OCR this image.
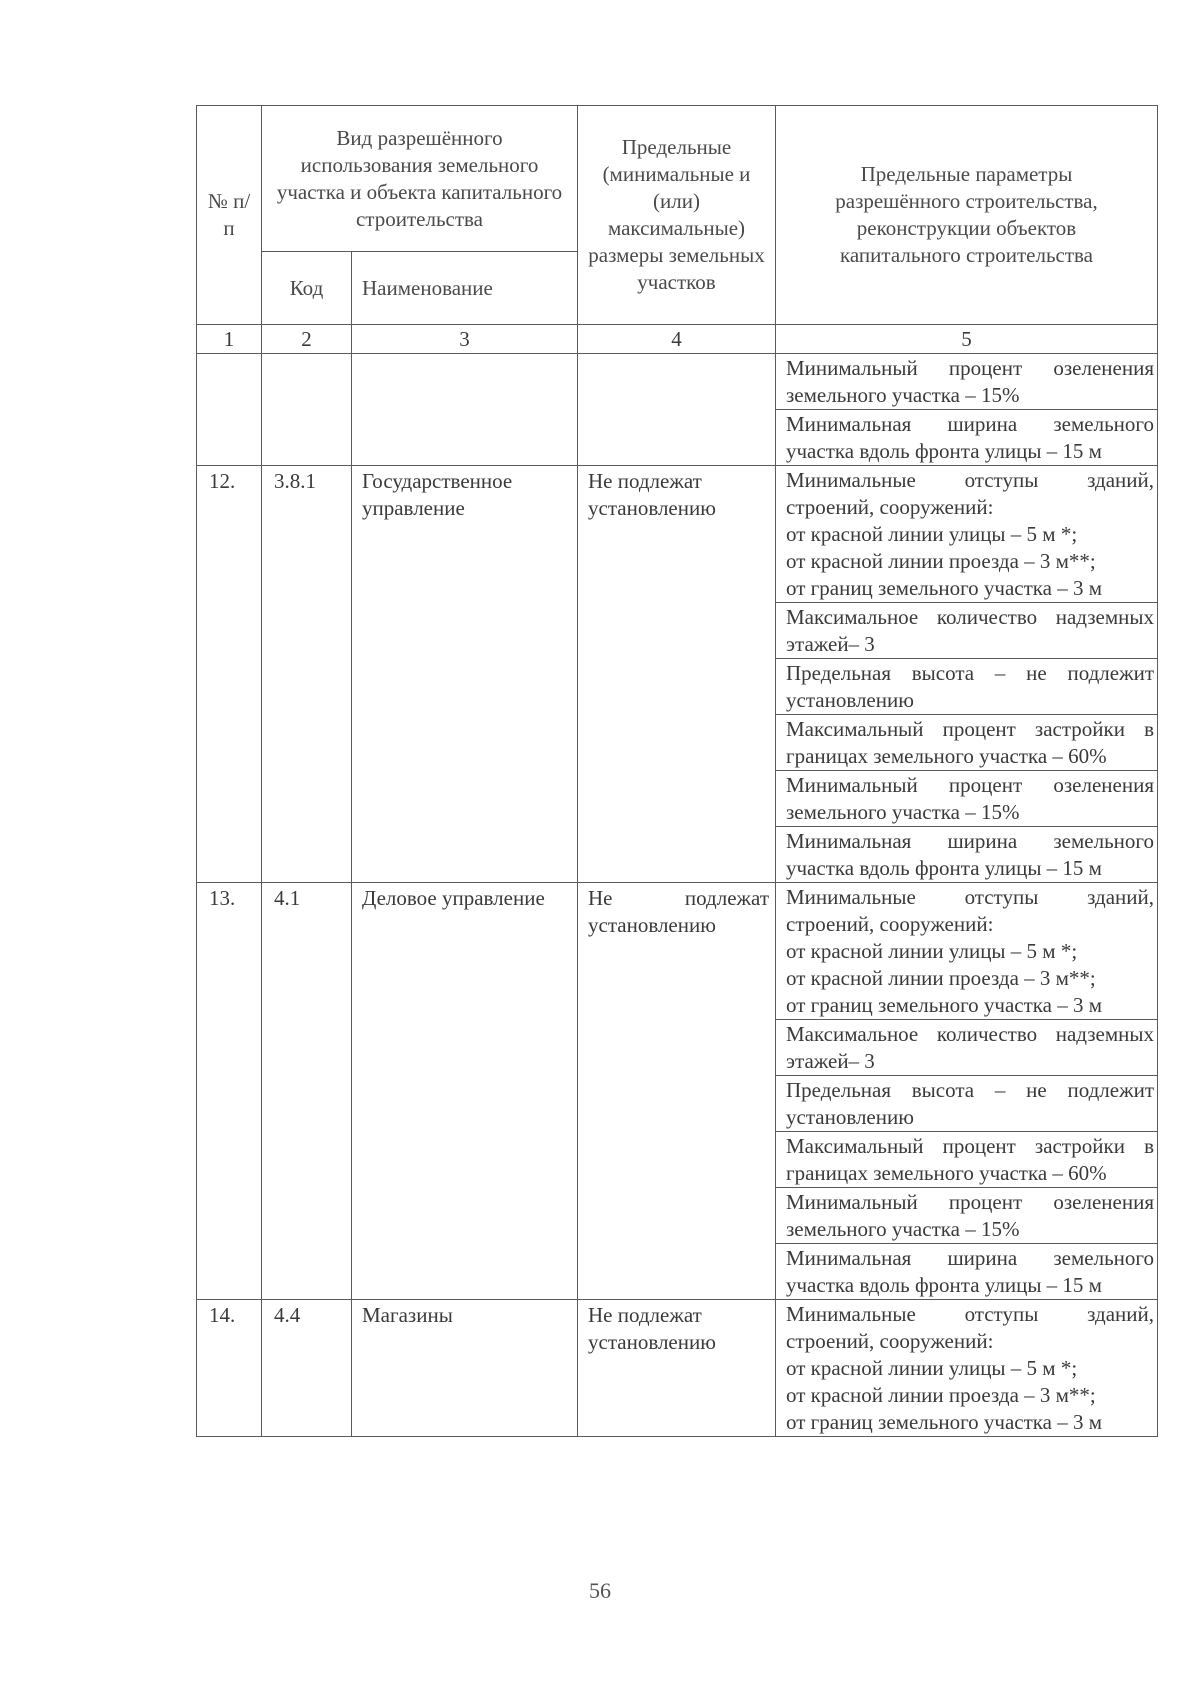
№ п/п	Вид разрешённого использования земельного участка и объекта капитального строительства		Предельные (минимальные и (или) максимальные) размеры земельных участков	Предельные параметры разрешённого строительства, реконструкции объектов капитального строительства
	Код	Наименование		
1	2	3	4	5
				Минимальный процент озеленения земельного участка – 15%
				Минимальная ширина земельного участка вдоль фронта улицы – 15 м
12.	3.8.1	Государственное управление	Не подлежат установлению	Минимальные отступы зданий,
строений, сооружений:
от красной линии улицы – 5 м *;
от красной линии проезда – 3 м**;
от границ земельного участка – 3 м

				Максимальное количество надземных этажей– 3
				Предельная высота – не подлежит установлению
				Максимальный процент застройки в границах земельного участка – 60%
				Минимальный процент озеленения земельного участка – 15%
				Минимальная ширина земельного участка вдоль фронта улицы – 15 м
13.	4.1	Деловое управление	Не подлежат установлению	Минимальные отступы зданий,
строений, сооружений:
от красной линии улицы – 5 м *;
от красной линии проезда – 3 м**;
от границ земельного участка – 3 м

				Максимальное количество надземных этажей– 3
				Предельная высота – не подлежит установлению
				Максимальный процент застройки в границах земельного участка – 60%
				Минимальный процент озеленения земельного участка – 15%
				Минимальная ширина земельного участка вдоль фронта улицы – 15 м
14.	4.4	Магазины	Не подлежат установлению	Минимальные отступы зданий,
строений, сооружений:
от красной линии улицы – 5 м *;
от красной линии проезда – 3 м**;
от границ земельного участка – 3 м
56
